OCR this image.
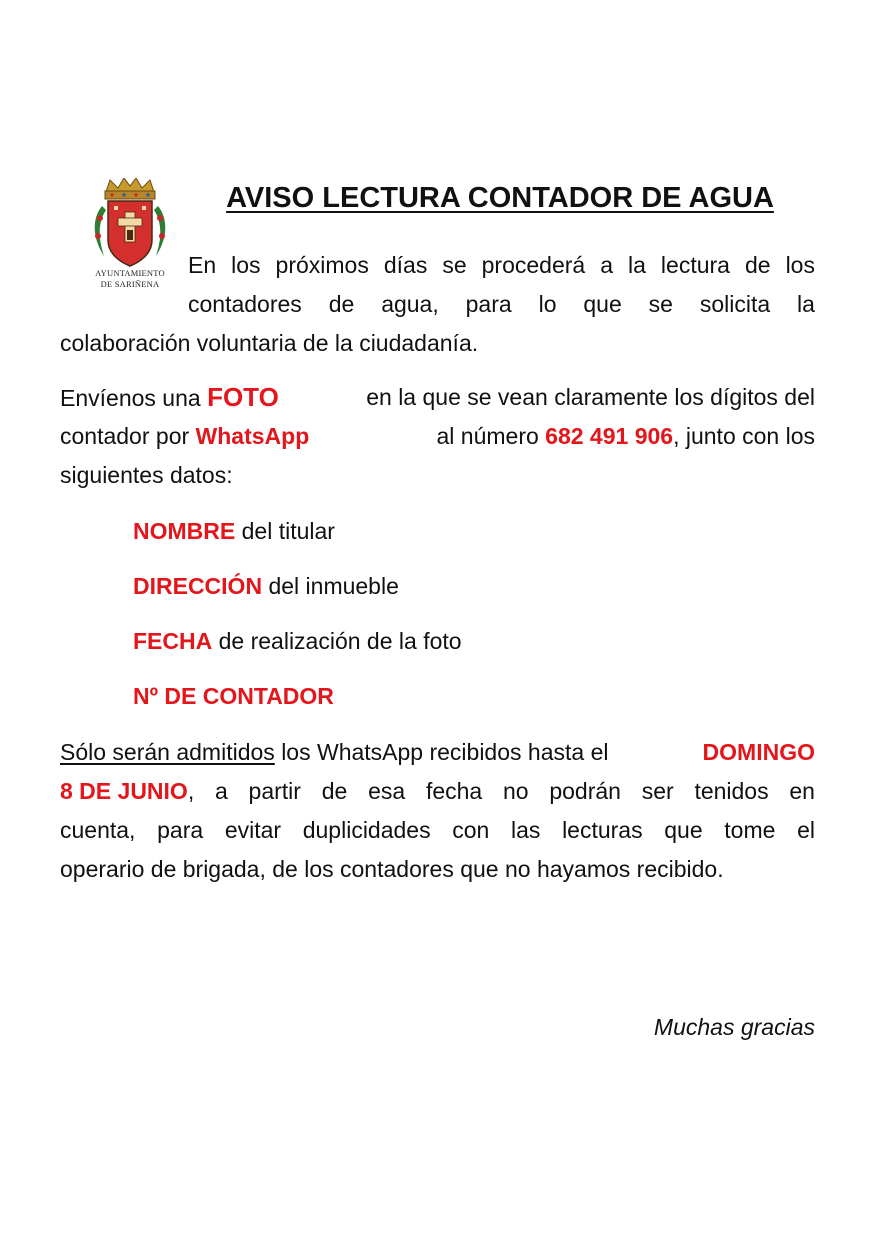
AYUNTAMIENTO
DE SARIÑENA
AVISO LECTURA CONTADOR DE AGUA
En los próximos días se procederá a la lectura de los
contadores de agua, para lo que se solicita la
colaboración voluntaria de la ciudadanía.
Envíenos una FOTO	en la que se vean claramente los dígitos del
contador por WhatsApp	al número 682 491 906, junto con los
siguientes datos:
NOMBRE del titular
DIRECCIÓN del inmueble
FECHA de realización de la foto
Nº DE CONTADOR
Sólo serán admitidos los WhatsApp recibidos hasta el	DOMINGO
8 DE JUNIO , a partir de esa fecha no podrán ser tenidos en
cuenta, para evitar duplicidades con las lecturas que tome el
operario de brigada, de los contadores que no hayamos recibido.
Muchas gracias
